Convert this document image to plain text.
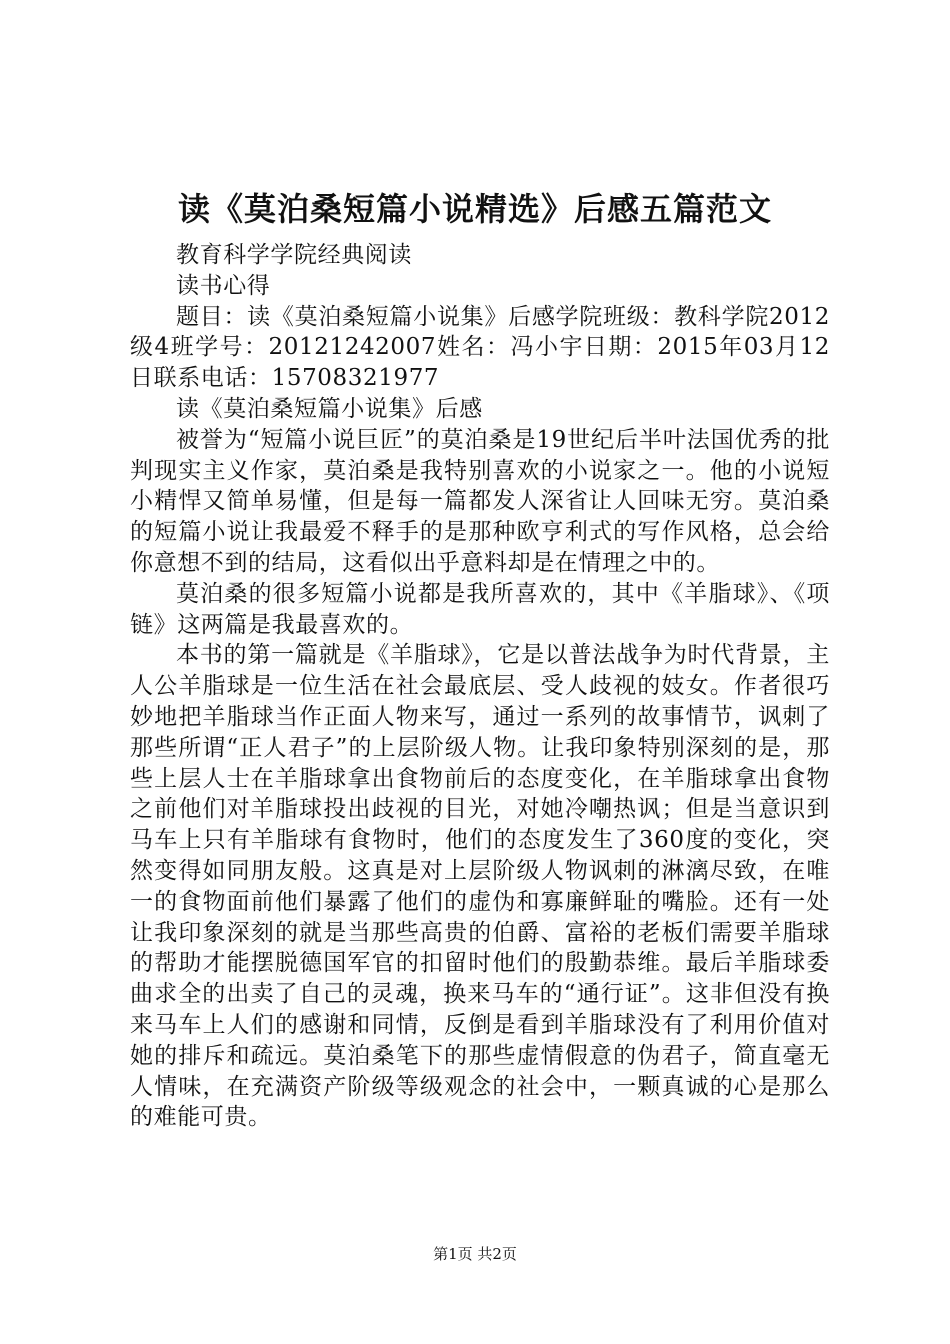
读《莫泊桑短篇小说精选》后感五篇范文

教育科学学院经典阅读

读书心得

题目：读《莫泊桑短篇小说集》后感学院班级：教科学院2012级4班学号：20121242007姓名：冯小宇日期：2015年03月12日联系电话：15708321977

读《莫泊桑短篇小说集》后感

被誉为“短篇小说巨匠”的莫泊桑是19世纪后半叶法国优秀的批判现实主义作家，莫泊桑是我特别喜欢的小说家之一。他的小说短小精悍又简单易懂，但是每一篇都发人深省让人回味无穷。莫泊桑的短篇小说让我最爱不释手的是那种欧亨利式的写作风格，总会给你意想不到的结局，这看似出乎意料却是在情理之中的。

莫泊桑的很多短篇小说都是我所喜欢的，其中《羊脂球》、《项链》这两篇是我最喜欢的。

本书的第一篇就是《羊脂球》，它是以普法战争为时代背景，主人公羊脂球是一位生活在社会最底层、受人歧视的妓女。作者很巧妙地把羊脂球当作正面人物来写，通过一系列的故事情节，讽刺了那些所谓“正人君子”的上层阶级人物。让我印象特别深刻的是，那些上层人士在羊脂球拿出食物前后的态度变化，在羊脂球拿出食物之前他们对羊脂球投出歧视的目光，对她冷嘲热讽；但是当意识到马车上只有羊脂球有食物时，他们的态度发生了360度的变化，突然变得如同朋友般。这真是对上层阶级人物讽刺的淋漓尽致，在唯一的食物面前他们暴露了他们的虚伪和寡廉鲜耻的嘴脸。还有一处让我印象深刻的就是当那些高贵的伯爵、富裕的老板们需要羊脂球的帮助才能摆脱德国军官的扣留时他们的殷勤恭维。最后羊脂球委曲求全的出卖了自己的灵魂，换来马车的“通行证”。这非但没有换来马车上人们的感谢和同情，反倒是看到羊脂球没有了利用价值对她的排斥和疏远。莫泊桑笔下的那些虚情假意的伪君子，简直毫无人情味，在充满资产阶级等级观念的社会中，一颗真诚的心是那么的难能可贵。

第1页 共2页
